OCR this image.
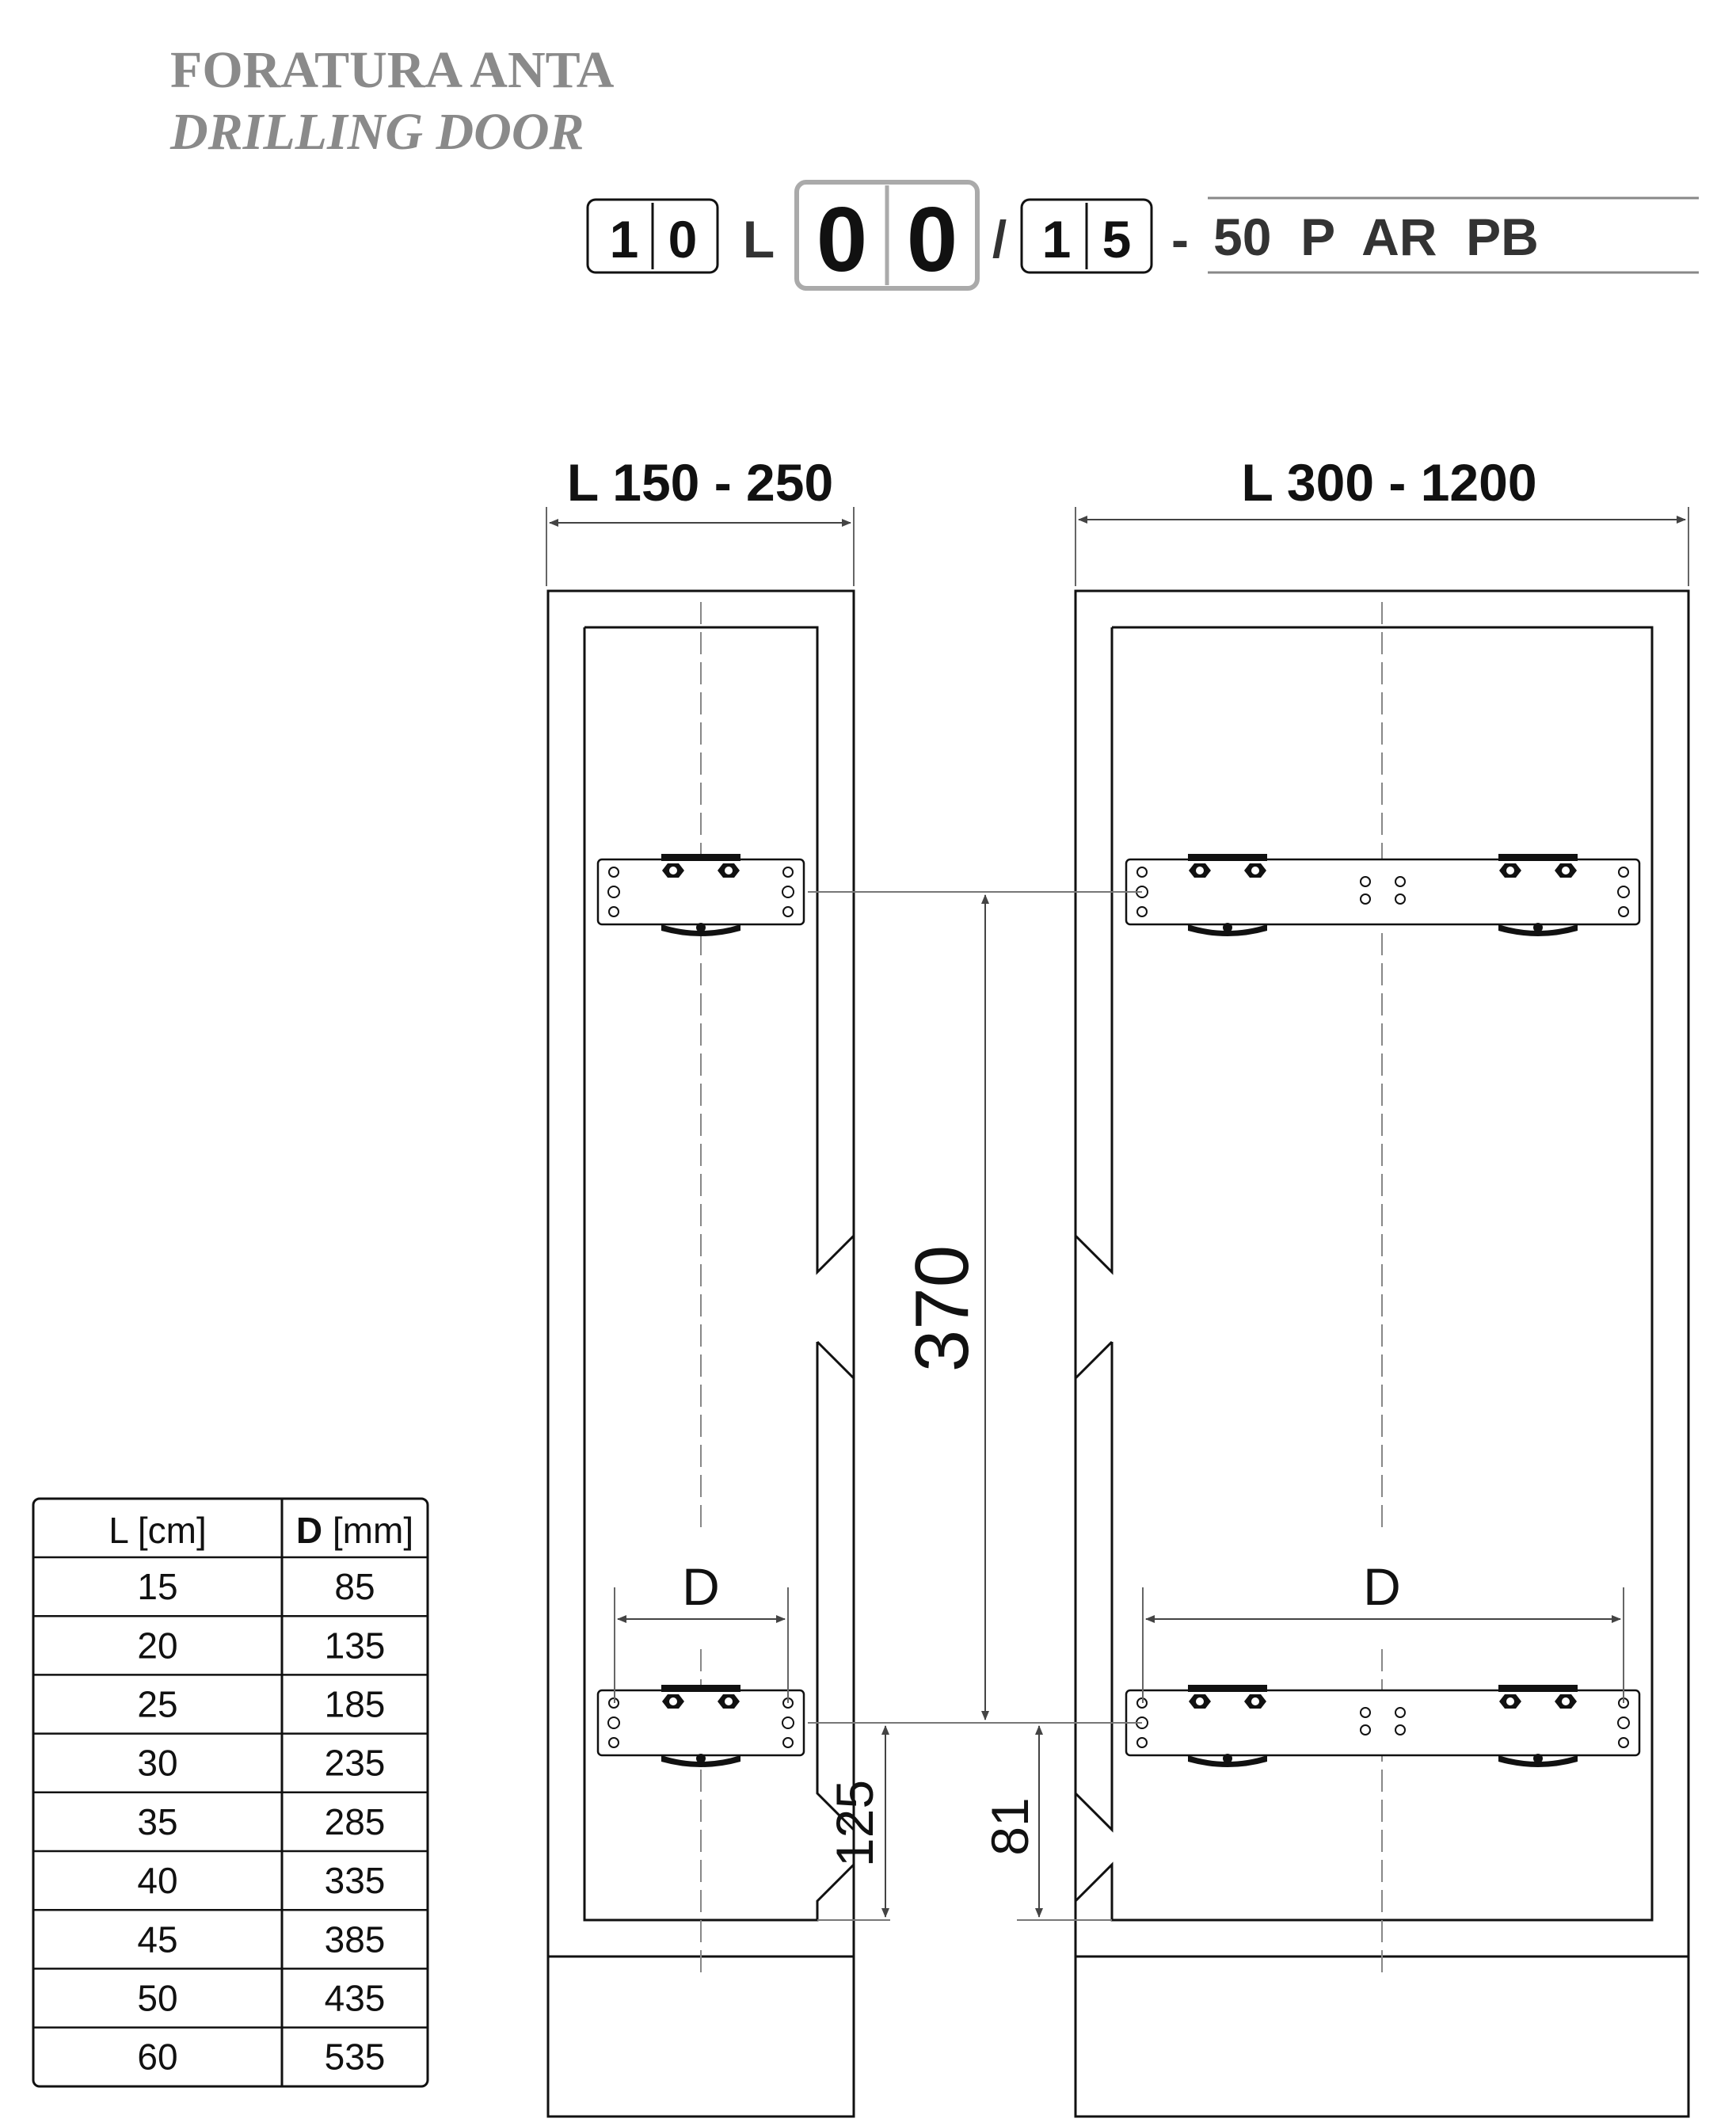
FORATURA ANTA
DRILLING DOOR
1 0 L 0 0 / 1 5 - 50  P  AR  PB
L 150 - 250	L 300 - 1200
370
125 81
D	D
L [cm] D [mm]
15	85
20	135
25	185
30	235
35	285
40	335
45	385
50	435
60	535
